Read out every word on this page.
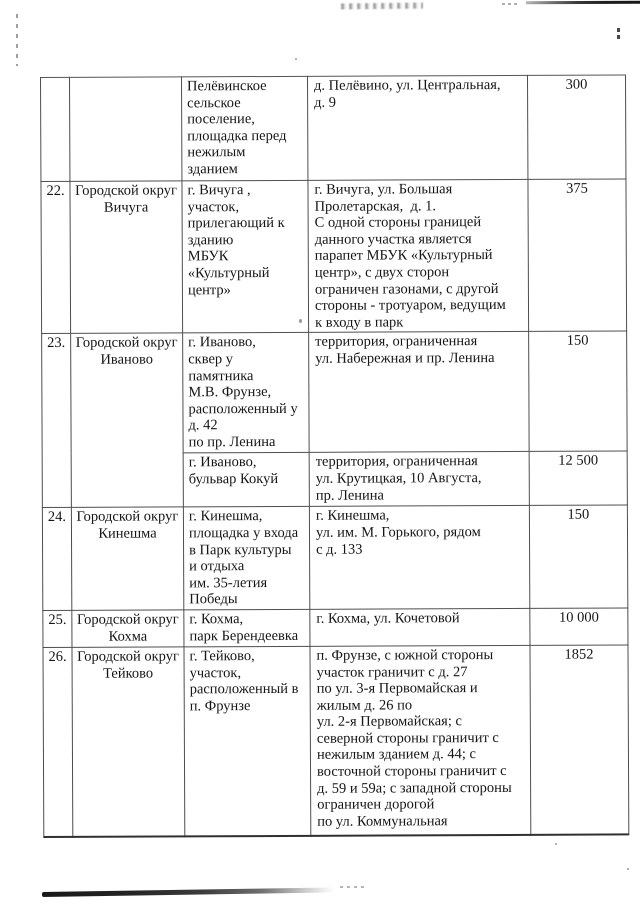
		Пелёвинское
сельское
поселение,
площадка перед
нежилым
зданием	д. Пелёвино, ул. Центральная,
д. 9	300
22.	Городской округ
Вичуга	г. Вичуга ,
участок,
прилегающий к
зданию
МБУК
«Культурный
центр»	г. Вичуга, ул. Большая
Пролетарская,  д. 1.
С одной стороны границей
данного участка является
парапет МБУК «Культурный
центр», с двух сторон
ограничен газонами, с другой
стороны - тротуаром, ведущим
к входу в парк	375
23.	Городской округ
Иваново	г. Иваново,
сквер у
памятника
М.В. Фрунзе,
расположенный у
д. 42
по пр. Ленина	территория, ограниченная
ул. Набережная и пр. Ленина	150
		г. Иваново,
бульвар Кокуй	территория, ограниченная
ул. Крутицкая, 10 Августа,
пр. Ленина	12 500
24.	Городской округ
Кинешма	г. Кинешма,
площадка у входа
в Парк культуры
и отдыха
им. 35-летия
Победы	г. Кинешма,
ул. им. М. Горького, рядом
с д. 133	150
25.	Городской округ
Кохма	г. Кохма,
парк Берендеевка	г. Кохма, ул. Кочетовой	10 000
26.	Городской округ
Тейково	г. Тейково,
участок,
расположенный в
п. Фрунзе	п. Фрунзе, с южной стороны
участок граничит с д. 27
по ул. 3-я Первомайская и
жилым д. 26 по
ул. 2-я Первомайская; с
северной стороны граничит с
нежилым зданием д. 44; с
восточной стороны граничит с
д. 59 и 59а; с западной стороны
ограничен дорогой
по ул. Коммунальная	1852
